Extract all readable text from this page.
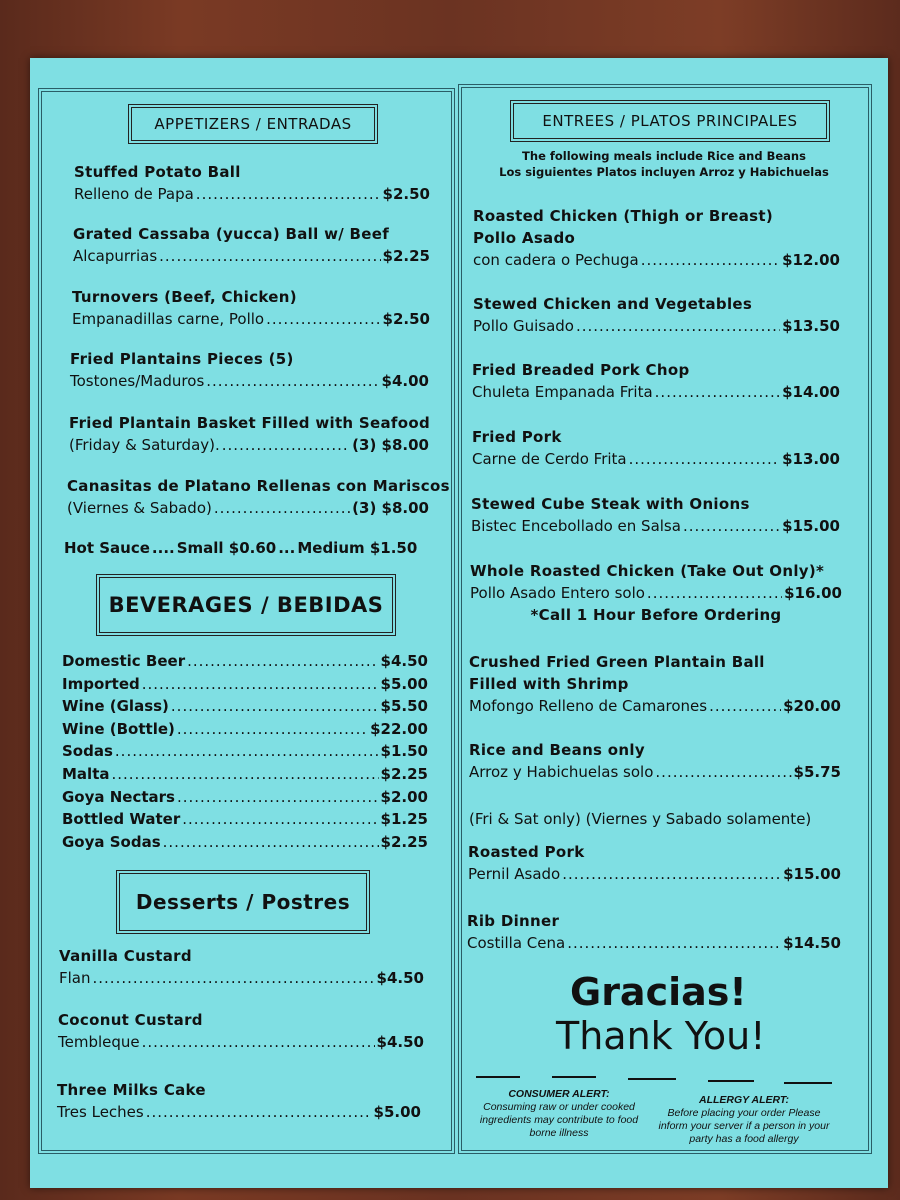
APPETIZERS / ENTRADAS
Stuffed Potato Ball
Relleno de Papa .....	$2.50
Grated Cassaba (yucca) Ball w/ Beef
Alcapurrias .....	$2.25
Turnovers (Beef, Chicken)
Empanadillas carne, Pollo .....	$2.50
Fried Plantains Pieces (5)
Tostones/Maduros .....	$4.00
Fried Plantain Basket Filled with Seafood
(Friday & Saturday). .....	(3) $8.00
Canasitas de Platano Rellenas con Mariscos
(Viernes & Sabado) .....	(3) $8.00
Hot Sauce .... Small $0.60 ... Medium $1.50
BEVERAGES / BEBIDAS
Domestic Beer .....	$4.50
Imported .....	$5.00
Wine (Glass) .....	$5.50
Wine (Bottle) .....	$22.00
Sodas .....	$1.50
Malta .....	$2.25
Goya Nectars .....	$2.00
Bottled Water .....	$1.25
Goya Sodas .....	$2.25
Desserts / Postres
Vanilla Custard
Flan .....	$4.50
Coconut Custard
Tembleque .....	$4.50
Three Milks Cake
Tres Leches .....	$5.00
ENTREES / PLATOS PRINCIPALES
The following meals include Rice and Beans
Los siguientes Platos incluyen Arroz y Habichuelas
Roasted Chicken (Thigh or Breast)
Pollo Asado
con cadera o Pechuga .....	$12.00
Stewed Chicken and Vegetables
Pollo Guisado .....	$13.50
Fried Breaded Pork Chop
Chuleta Empanada Frita .....	$14.00
Fried Pork
Carne de Cerdo Frita .....	$13.00
Stewed Cube Steak with Onions
Bistec Encebollado en Salsa .....	$15.00
Whole Roasted Chicken (Take Out Only)*
Pollo Asado Entero solo .....	$16.00
*Call 1 Hour Before Ordering
Crushed Fried Green Plantain Ball
Filled with Shrimp
Mofongo Relleno de Camarones .....	$20.00
Rice and Beans only
Arroz y Habichuelas solo .....	$5.75
(Fri & Sat only) (Viernes y Sabado solamente)
Roasted Pork
Pernil Asado .....	$15.00
Rib Dinner
Costilla Cena .....	$14.50
Gracias!
Thank You!
CONSUMER ALERT:
Consuming raw or under cooked ingredients may contribute to food borne illness
ALLERGY ALERT:
Before placing your order Please inform your server if a person in your party has a food allergy
